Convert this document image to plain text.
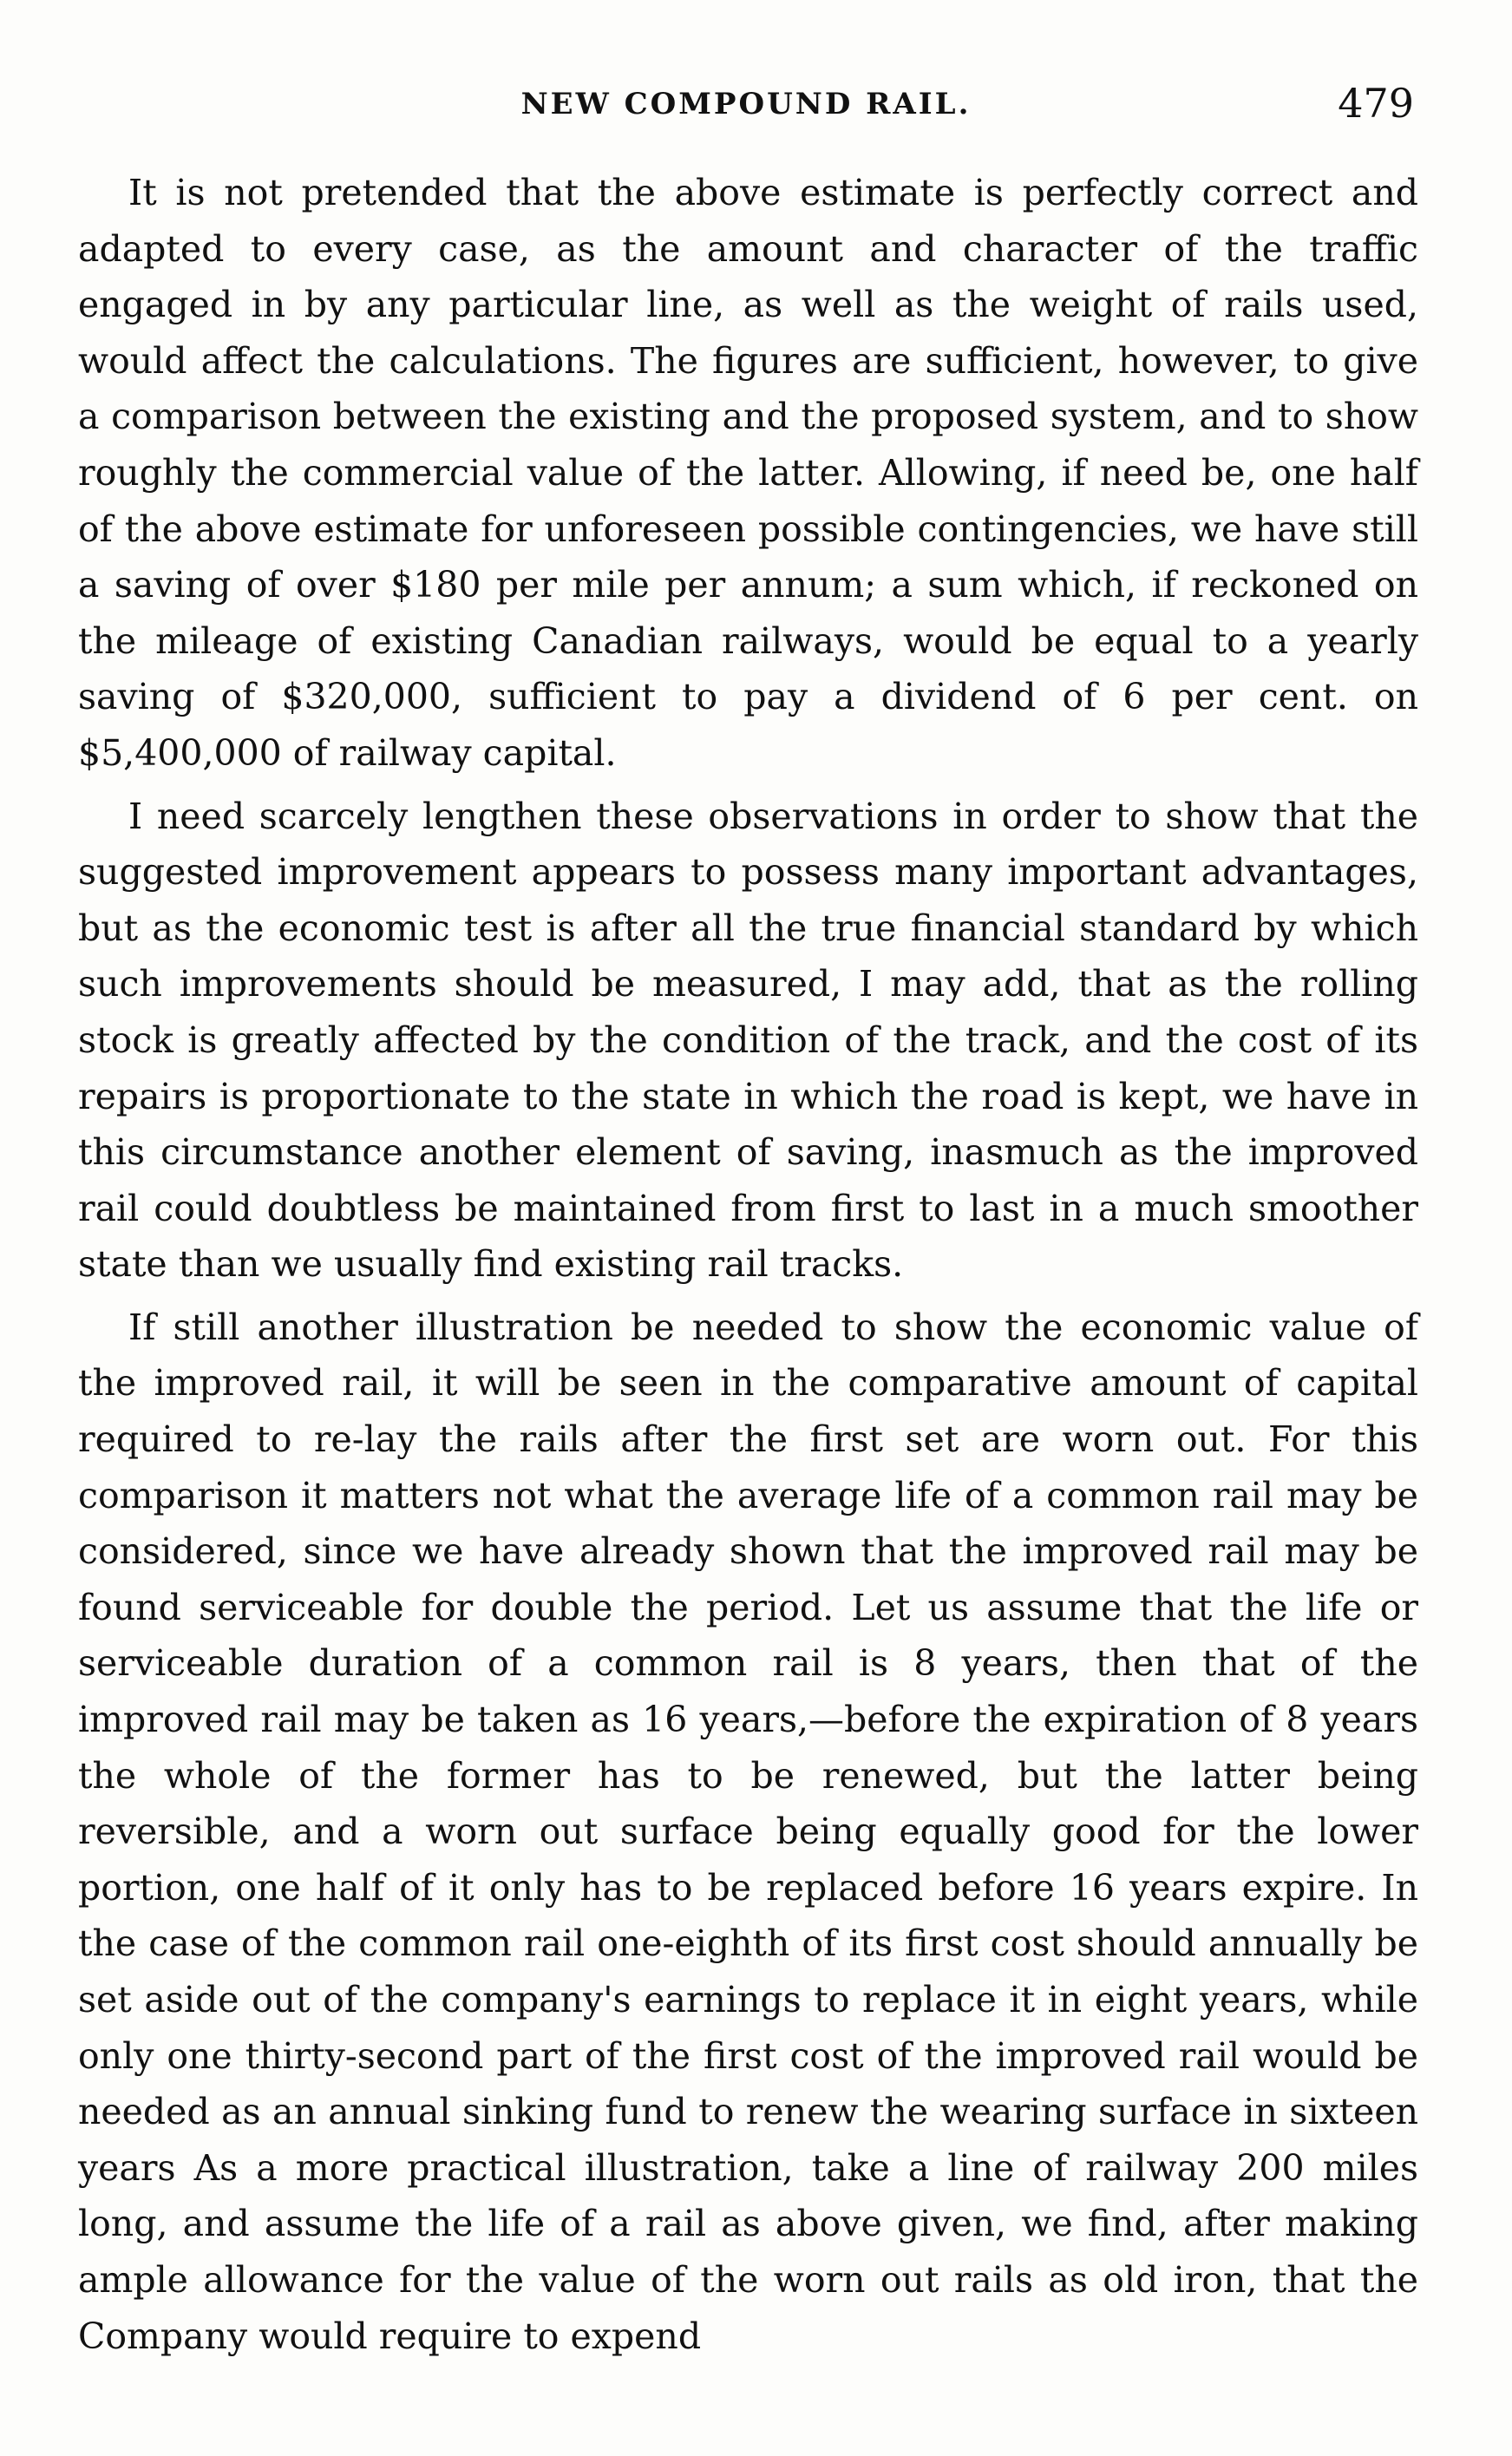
NEW COMPOUND RAIL.	479

It is not pretended that the above estimate is perfectly correct and adapted to every case, as the amount and character of the traffic engaged in by any particular line, as well as the weight of rails used, would affect the calculations. The figures are sufficient, however, to give a comparison between the existing and the proposed system, and to show roughly the commercial value of the latter. Allowing, if need be, one half of the above estimate for unforeseen possible contingencies, we have still a saving of over $180 per mile per annum; a sum which, if reckoned on the mileage of existing Canadian railways, would be equal to a yearly saving of $320,000, sufficient to pay a dividend of 6 per cent. on $5,400,000 of railway capital.

I need scarcely lengthen these observations in order to show that the suggested improvement appears to possess many important advantages, but as the economic test is after all the true financial standard by which such improvements should be measured, I may add, that as the rolling stock is greatly affected by the condition of the track, and the cost of its repairs is proportionate to the state in which the road is kept, we have in this circumstance another element of saving, inasmuch as the improved rail could doubtless be maintained from first to last in a much smoother state than we usually find existing rail tracks.

If still another illustration be needed to show the economic value of the improved rail, it will be seen in the comparative amount of capital required to re-lay the rails after the first set are worn out. For this comparison it matters not what the average life of a common rail may be considered, since we have already shown that the improved rail may be found serviceable for double the period. Let us assume that the life or serviceable duration of a common rail is 8 years, then that of the improved rail may be taken as 16 years,—before the expiration of 8 years the whole of the former has to be renewed, but the latter being reversible, and a worn out surface being equally good for the lower portion, one half of it only has to be replaced before 16 years expire. In the case of the common rail one-eighth of its first cost should annually be set aside out of the company's earnings to replace it in eight years, while only one thirty-second part of the first cost of the improved rail would be needed as an annual sinking fund to renew the wearing surface in sixteen years As a more practical illustration, take a line of railway 200 miles long, and assume the life of a rail as above given, we find, after making ample allowance for the value of the worn out rails as old iron, that the Company would require to expend
